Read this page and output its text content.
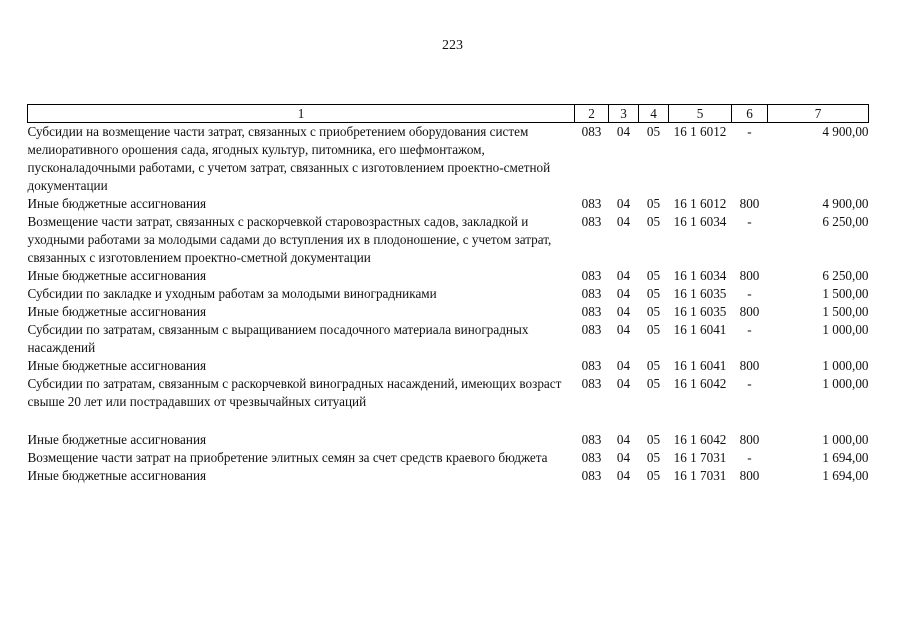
223
1	2	3	4	5	6	7
Субсидии на возмещение части затрат, связанных с приобретением оборудования систем мелиоративного орошения сада, ягодных культур, питомника, его шефмонтажом, пусконаладочными работами, с учетом затрат, связанных с изготовлением проектно-сметной документации	083	04	05	16 1 6012	-	4 900,00
Иные бюджетные ассигнования	083	04	05	16 1 6012	800	4 900,00
Возмещение части затрат, связанных с раскорчевкой старовозрастных садов, закладкой и уходными работами за молодыми садами до вступления их в плодоношение, с учетом затрат, связанных с изготовлением проектно-сметной документации	083	04	05	16 1 6034	-	6 250,00
Иные бюджетные ассигнования	083	04	05	16 1 6034	800	6 250,00
Субсидии по закладке и уходным работам за молодыми виноградниками	083	04	05	16 1 6035	-	1 500,00
Иные бюджетные ассигнования	083	04	05	16 1 6035	800	1 500,00
Субсидии по затратам, связанным с выращиванием посадочного материала виноградных насаждений	083	04	05	16 1 6041	-	1 000,00
Иные бюджетные ассигнования	083	04	05	16 1 6041	800	1 000,00
Субсидии по затратам, связанным с раскорчевкой виноградных насаждений, имеющих возраст свыше 20 лет или пострадавших от чрезвычайных ситуаций	083	04	05	16 1 6042	-	1 000,00

Иные бюджетные ассигнования	083	04	05	16 1 6042	800	1 000,00
Возмещение части затрат на приобретение элитных семян за счет средств краевого бюджета	083	04	05	16 1 7031	-	1 694,00
Иные бюджетные ассигнования	083	04	05	16 1 7031	800	1 694,00
